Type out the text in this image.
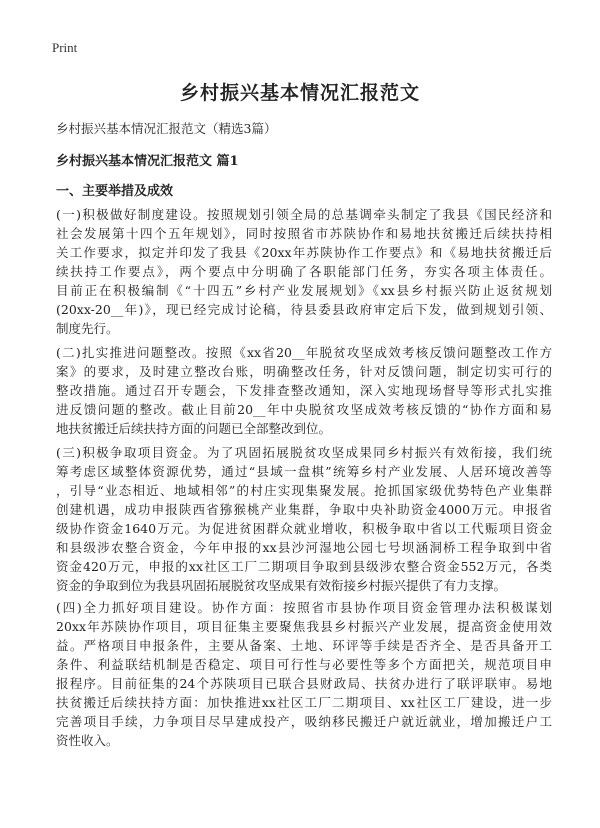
Print
乡村振兴基本情况汇报范文
乡村振兴基本情况汇报范文（精选3篇）
乡村振兴基本情况汇报范文 篇1
一、主要举措及成效
(一)积极做好制度建设。按照规划引领全局的总基调牵头制定了我县《国民经济和
社会发展第十四个五年规划》，同时按照省市苏陕协作和易地扶贫搬迁后续扶持相
关工作要求，拟定并印发了我县《20xx年苏陕协作工作要点》和《易地扶贫搬迁后
续扶持工作要点》，两个要点中分明确了各职能部门任务，夯实各项主体责任。
目前正在积极编制《“十四五”乡村产业发展规划》《xx县乡村振兴防止返贫规划
(20xx-20__年)》，现已经完成讨论稿，待县委县政府审定后下发，做到规划引领、
制度先行。
(二)扎实推进问题整改。按照《xx省20__年脱贫攻坚成效考核反馈问题整改工作方
案》的要求，及时建立整改台账，明确整改任务，针对反馈问题，制定切实可行的
整改措施。通过召开专题会，下发排查整改通知，深入实地现场督导等形式扎实推
进反馈问题的整改。截止目前20__年中央脱贫攻坚成效考核反馈的“协作方面和易
地扶贫搬迁后续扶持方面的问题已全部整改到位。
(三)积极争取项目资金。为了巩固拓展脱贫攻坚成果同乡村振兴有效衔接，我们统
筹考虑区域整体资源优势，通过“县域一盘棋”统筹乡村产业发展、人居环境改善等
，引导“业态相近、地域相邻”的村庄实现集聚发展。抢抓国家级优势特色产业集群
创建机遇，成功申报陕西省猕猴桃产业集群，争取中央补助资金4000万元。申报省
级协作资金1640万元。为促进贫困群众就业增收，积极争取中省以工代赈项目资金
和县级涉农整合资金，今年申报的xx县沙河湿地公园七号坝涵洞桥工程争取到中省
资金420万元，申报的xx社区工厂二期项目争取到县级涉农整合资金552万元，各类
资金的争取到位为我县巩固拓展脱贫攻坚成果有效衔接乡村振兴提供了有力支撑。
(四)全力抓好项目建设。协作方面：按照省市县协作项目资金管理办法积极谋划
20xx年苏陕协作项目，项目征集主要聚焦我县乡村振兴产业发展，提高资金使用效
益。严格项目申报条件，主要从备案、土地、环评等手续是否齐全、是否具备开工
条件、利益联结机制是否稳定、项目可行性与必要性等多个方面把关，规范项目申
报程序。目前征集的24个苏陕项目已联合县财政局、扶贫办进行了联评联审。易地
扶贫搬迁后续扶持方面：加快推进xx社区工厂二期项目、xx社区工厂建设，进一步
完善项目手续，力争项目尽早建成投产，吸纳移民搬迁户就近就业，增加搬迁户工
资性收入。
